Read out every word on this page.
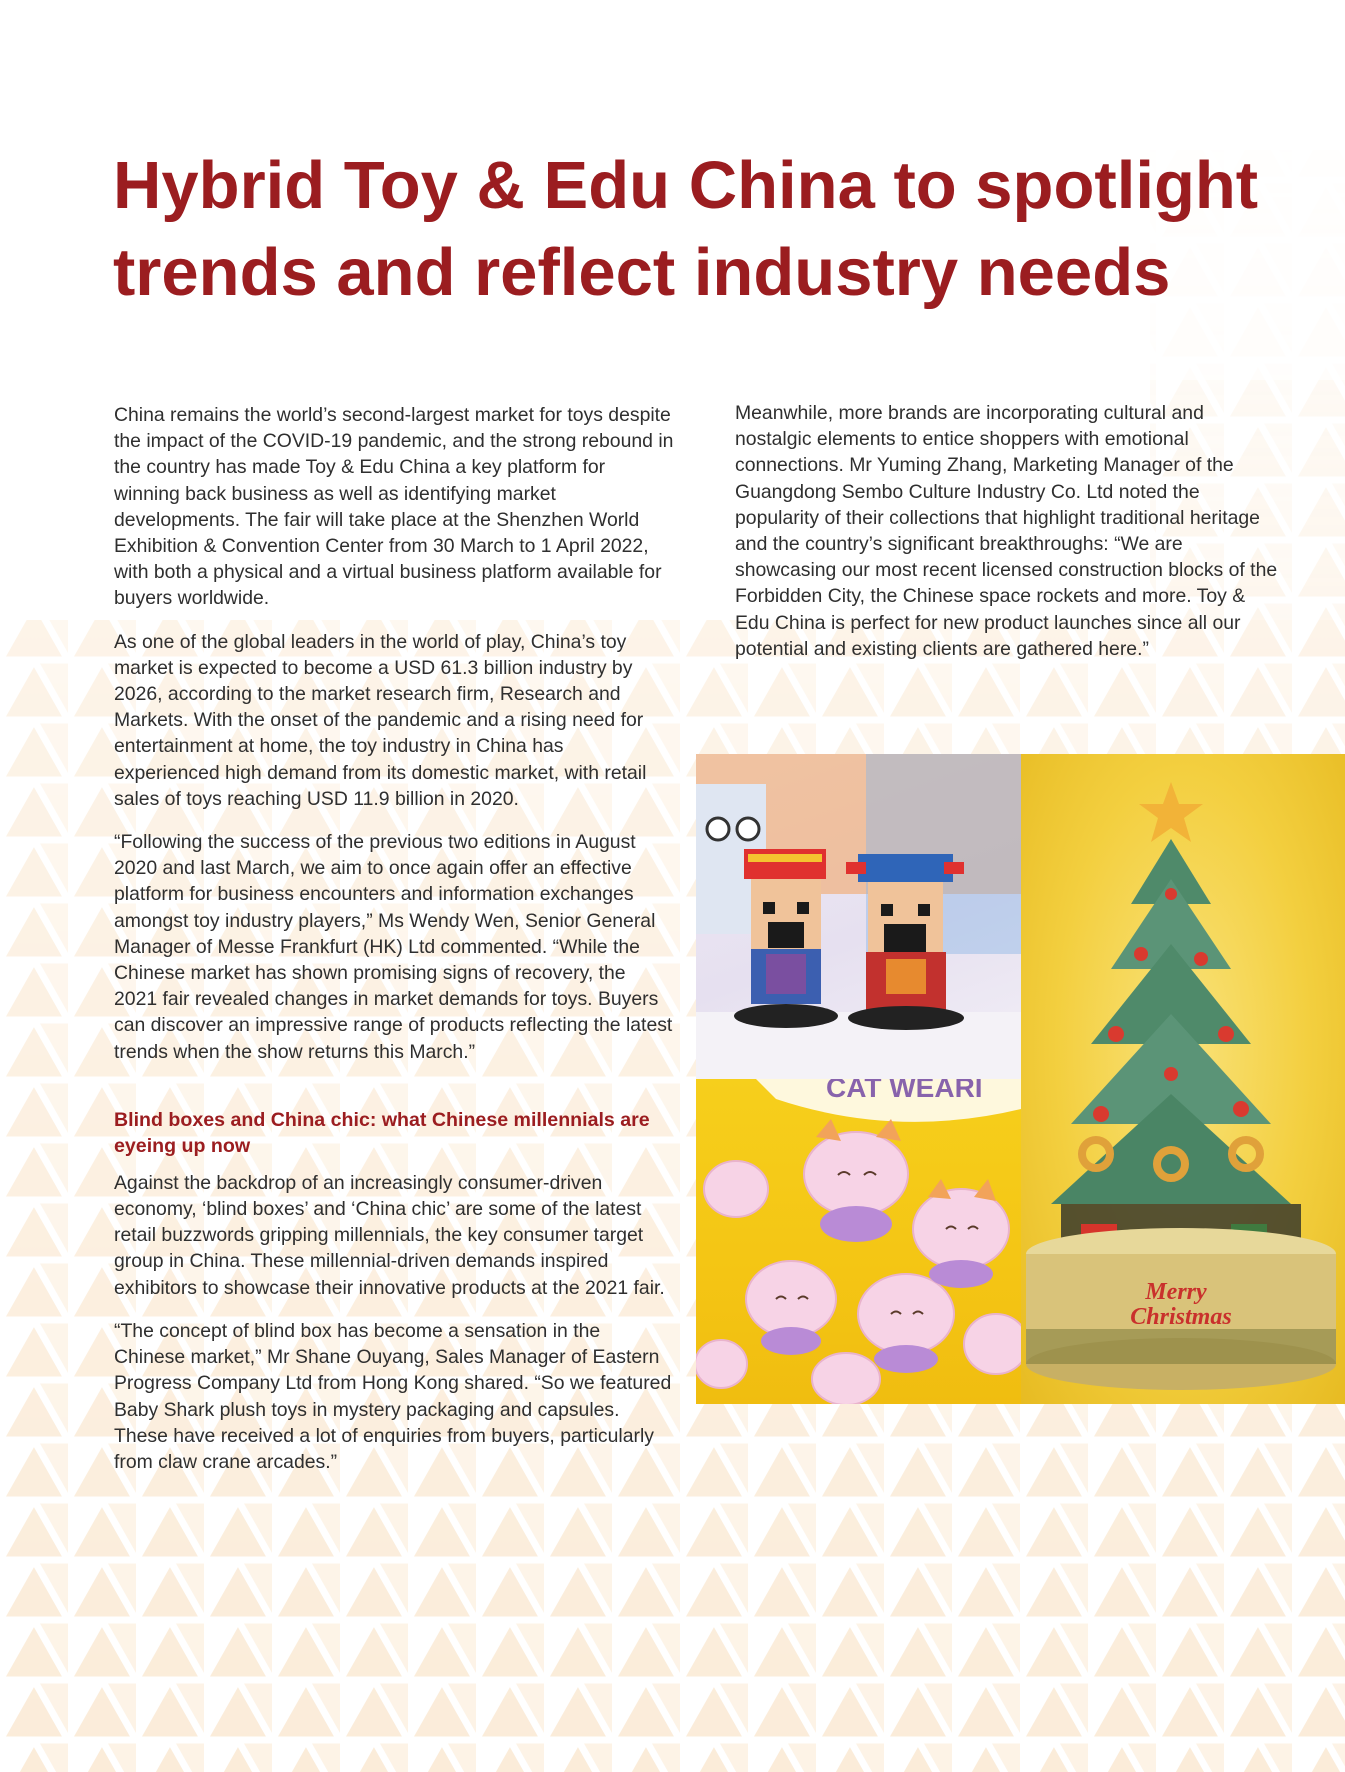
Hybrid Toy & Edu China to spotlight trends and reflect industry needs

China remains the world’s second-largest market for toys despite the impact of the COVID-19 pandemic, and the strong rebound in the country has made Toy & Edu China a key platform for winning back business as well as identifying market developments. The fair will take place at the Shenzhen World Exhibition & Convention Center from 30 March to 1 April 2022, with both a physical and a virtual business platform available for buyers worldwide.

As one of the global leaders in the world of play, China’s toy market is expected to become a USD 61.3 billion industry by 2026, according to the market research firm, Research and Markets. With the onset of the pandemic and a rising need for entertainment at home, the toy industry in China has experienced high demand from its domestic market, with retail sales of toys reaching USD 11.9 billion in 2020.

“Following the success of the previous two editions in August 2020 and last March, we aim to once again offer an effective platform for business encounters and information exchanges amongst toy industry players,” Ms Wendy Wen, Senior General Manager of Messe Frankfurt (HK) Ltd commented. “While the Chinese market has shown promising signs of recovery, the 2021 fair revealed changes in market demands for toys. Buyers can discover an impressive range of products reflecting the latest trends when the show returns this March.”

Blind boxes and China chic: what Chinese millennials are eyeing up now

Against the backdrop of an increasingly consumer-driven economy, ‘blind boxes’ and ‘China chic’ are some of the latest retail buzzwords gripping millennials, the key consumer target group in China. These millennial-driven demands inspired exhibitors to showcase their innovative products at the 2021 fair.

“The concept of blind box has become a sensation in the Chinese market,” Mr Shane Ouyang, Sales Manager of Eastern Progress Company Ltd from Hong Kong shared. “So we featured Baby Shark plush toys in mystery packaging and capsules. These have received a lot of enquiries from buyers, particularly from claw crane arcades.”

Meanwhile, more brands are incorporating cultural and nostalgic elements to entice shoppers with emotional connections. Mr Yuming Zhang, Marketing Manager of the Guangdong Sembo Culture Industry Co. Ltd noted the popularity of their collections that highlight traditional heritage and the country’s significant breakthroughs: “We are showcasing our most recent licensed construction blocks of the Forbidden City, the Chinese space rockets and more. Toy & Edu China is perfect for new product launches since all our potential and existing clients are gathered here.”

CAT WEARI
Merry
Christmas
